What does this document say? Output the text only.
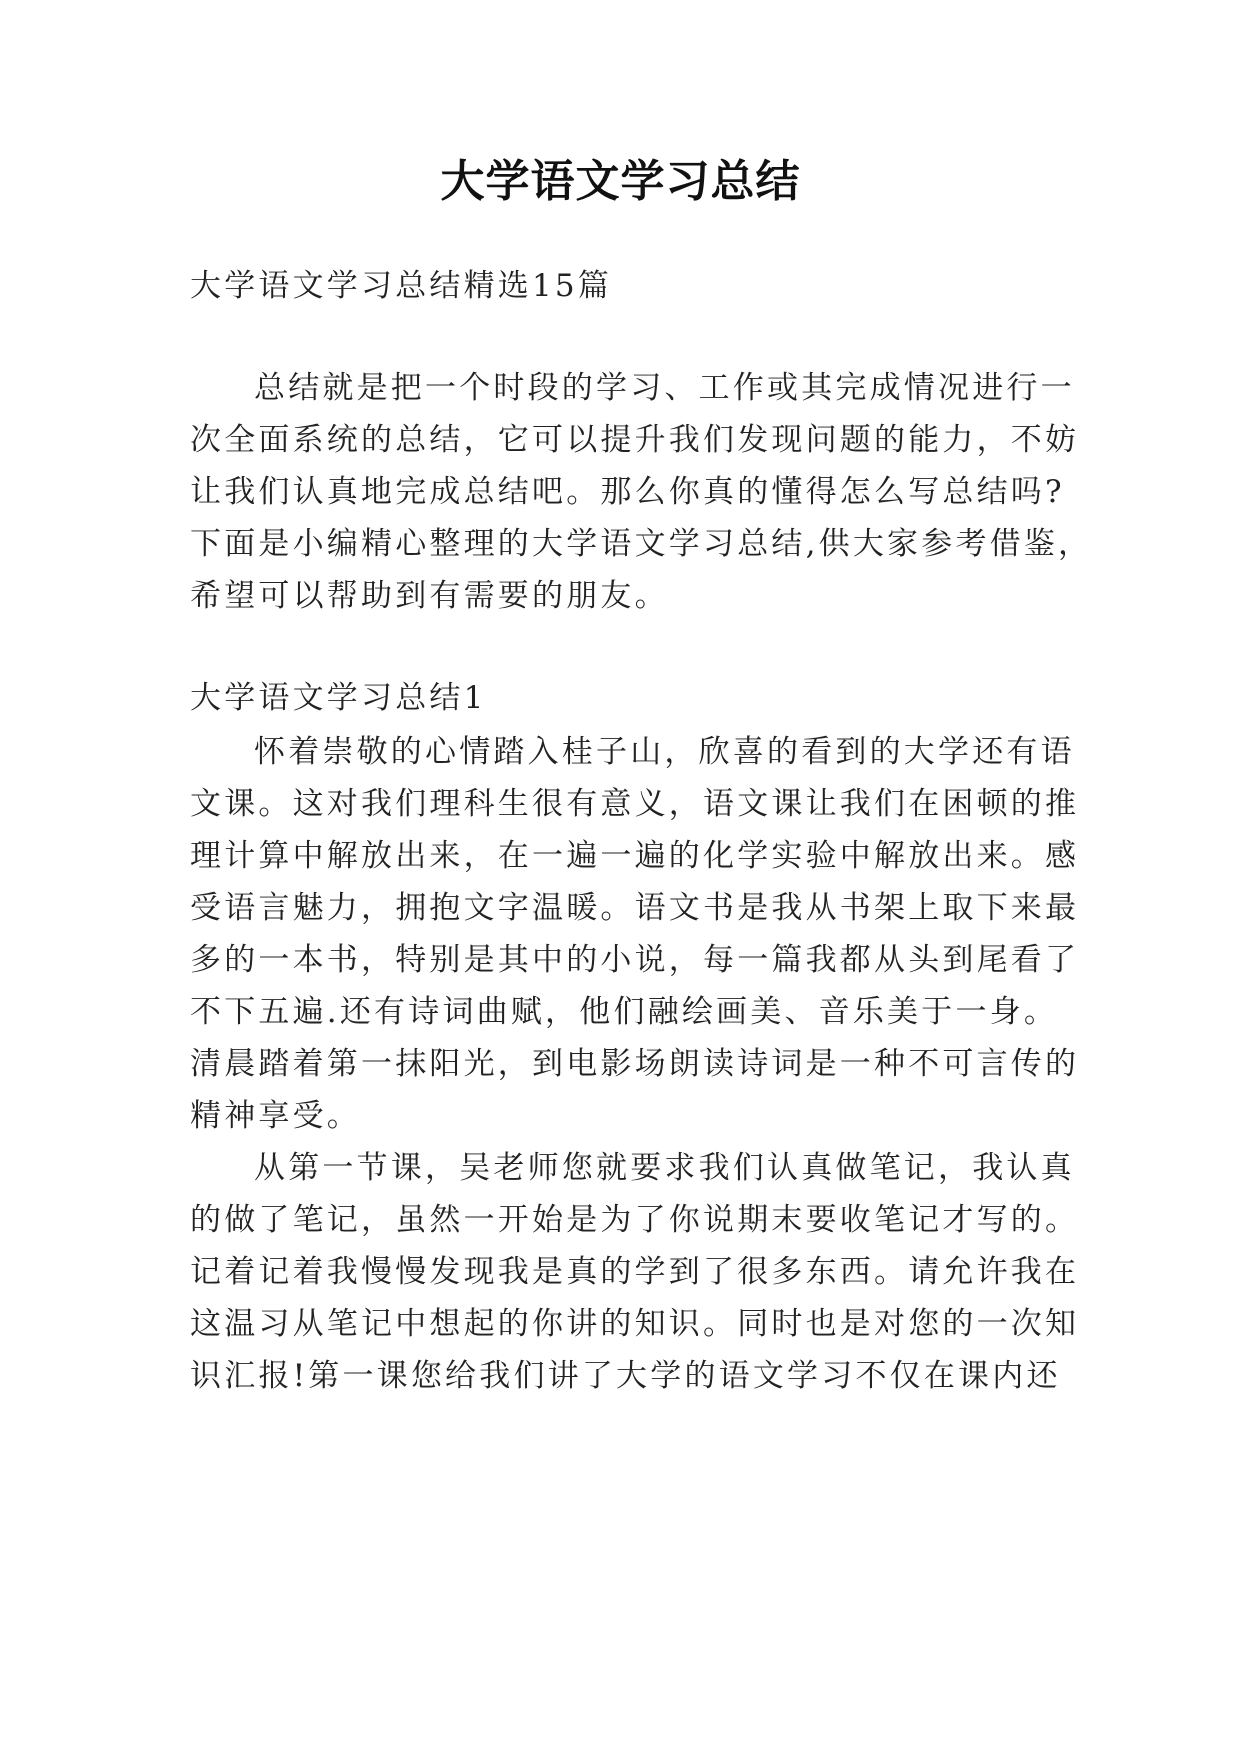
大学语文学习总结

大学语文学习总结精选15篇

总结就是把一个时段的学习、工作或其完成情况进行一

次全面系统的总结，它可以提升我们发现问题的能力，不妨

让我们认真地完成总结吧。那么你真的懂得怎么写总结吗?

下面是小编精心整理的大学语文学习总结,供大家参考借鉴，

希望可以帮助到有需要的朋友。

大学语文学习总结1

怀着崇敬的心情踏入桂子山，欣喜的看到的大学还有语

文课。这对我们理科生很有意义，语文课让我们在困顿的推

理计算中解放出来，在一遍一遍的化学实验中解放出来。感

受语言魅力，拥抱文字温暖。语文书是我从书架上取下来最

多的一本书，特别是其中的小说，每一篇我都从头到尾看了

不下五遍.还有诗词曲赋，他们融绘画美、音乐美于一身。

清晨踏着第一抹阳光，到电影场朗读诗词是一种不可言传的

精神享受。

从第一节课，吴老师您就要求我们认真做笔记，我认真

的做了笔记，虽然一开始是为了你说期末要收笔记才写的。

记着记着我慢慢发现我是真的学到了很多东西。请允许我在

这温习从笔记中想起的你讲的知识。同时也是对您的一次知

识汇报!第一课您给我们讲了大学的语文学习不仅在课内还
